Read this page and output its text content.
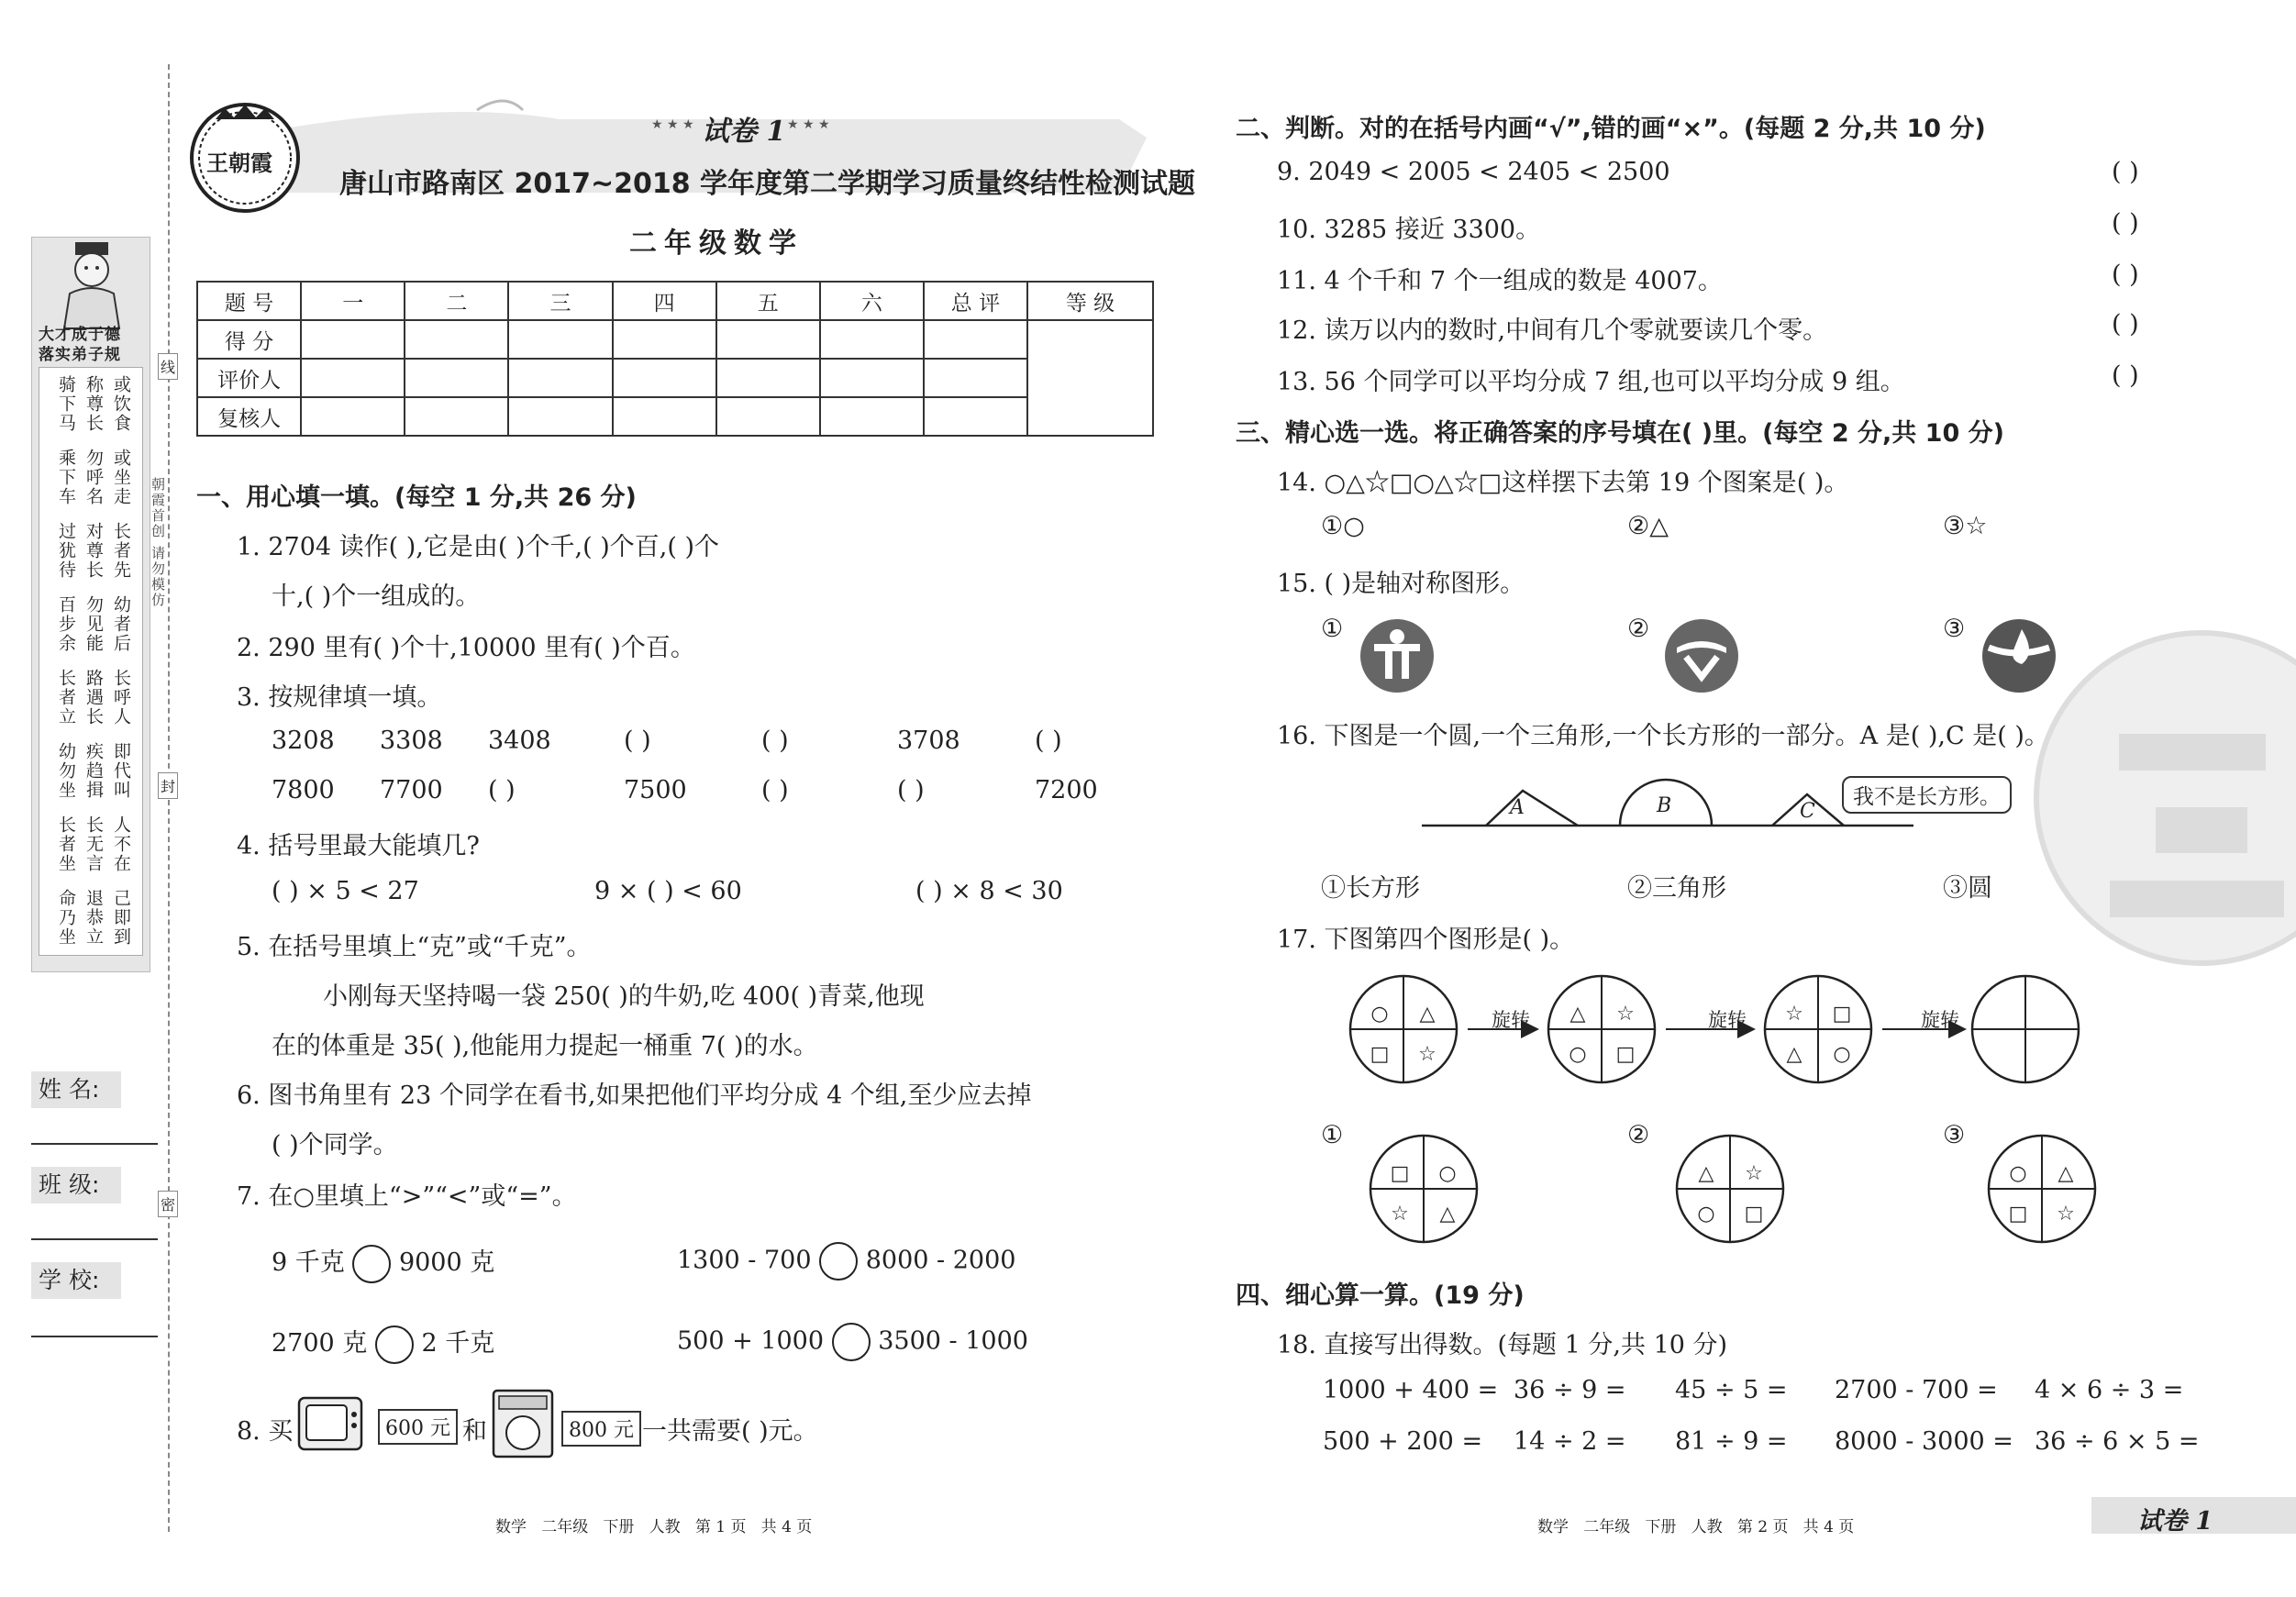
大才成于德
落实弟子规
骑下马 称尊长 或饮食
乘下车 勿呼名 或坐走
过犹待 对尊长 长者先
百步余 勿见能 幼者后
长者立 路遇长 长呼人
幼勿坐 疾趋揖 即代叫
长者坐 长无言 人不在
命乃坐 退恭立 己即到
姓 名:
班 级:
学 校:
线
封
密
朝霞首创 请勿模仿
王朝霞
★ ★ ★ 试卷 1 ★ ★ ★
唐山市路南区 2017~2018 学年度第二学期学习质量终结性检测试题
二年级数学
题 号	一	二	三	四	五	六	总 评	等 级
得 分								
评价人								
复核人								
一、用心填一填。(每空 1 分,共 26 分)
1. 2704 读作( ),它是由( )个千,( )个百,( )个
十,( )个一组成的。
2. 290 里有( )个十,10000 里有( )个百。
3. 按规律填一填。
3208 3308 3408	( )	( )	3708	( )
7800 7700 ( )	7500	( )	( )	7200
4. 括号里最大能填几?
( ) × 5 < 27	9 × ( ) < 60	( ) × 8 < 30
5. 在括号里填上“克”或“千克”。
小刚每天坚持喝一袋 250( )的牛奶,吃 400( )青菜,他现
在的体重是 35( ),他能用力提起一桶重 7( )的水。
6. 图书角里有 23 个同学在看书,如果把他们平均分成 4 个组,至少应去掉
( )个同学。
7. 在○里填上“>”“<”或“=”。
9 千克 9000 克	1300 - 700 8000 - 2000
2700 克 2 千克	500 + 1000 3500 - 1000
8. 买	600 元 和	800 元 一共需要( )元。
数学   二年级   下册   人教   第 1 页   共 4 页
二、判断。对的在括号内画“√”,错的画“×”。(每题 2 分,共 10 分)
9. 2049 < 2005 < 2405 < 2500	( )
10. 3285 接近 3300。	( )
11. 4 个千和 7 个一组成的数是 4007。	( )
12. 读万以内的数时,中间有几个零就要读几个零。	( )
13. 56 个同学可以平均分成 7 组,也可以平均分成 9 组。	( )
三、精心选一选。将正确答案的序号填在( )里。(每空 2 分,共 10 分)
14. ○△☆□○△☆□这样摆下去第 19 个图案是( )。
①○	②△	③☆
15. ( )是轴对称图形。
①	②	③
16. 下图是一个圆,一个三角形,一个长方形的一部分。A 是( ),C 是( )。
A	B	C
我不是长方形。
①长方形	②三角形	③圆
17. 下图第四个图形是( )。
○ △
□ ☆
△ ☆
○ □
☆ □
△ ○
旋转	旋转	旋转
①	②	③
□ ○
☆ △
△ ☆
○ □
○ △
□ ☆
四、细心算一算。(19 分)
18. 直接写出得数。(每题 1 分,共 10 分)
1000 + 400 = 36 ÷ 9 = 45 ÷ 5 = 2700 - 700 = 4 × 6 ÷ 3 =
500 + 200 = 14 ÷ 2 = 81 ÷ 9 = 8000 - 3000 = 36 ÷ 6 × 5 =
数学   二年级   下册   人教   第 2 页   共 4 页	试卷 1
